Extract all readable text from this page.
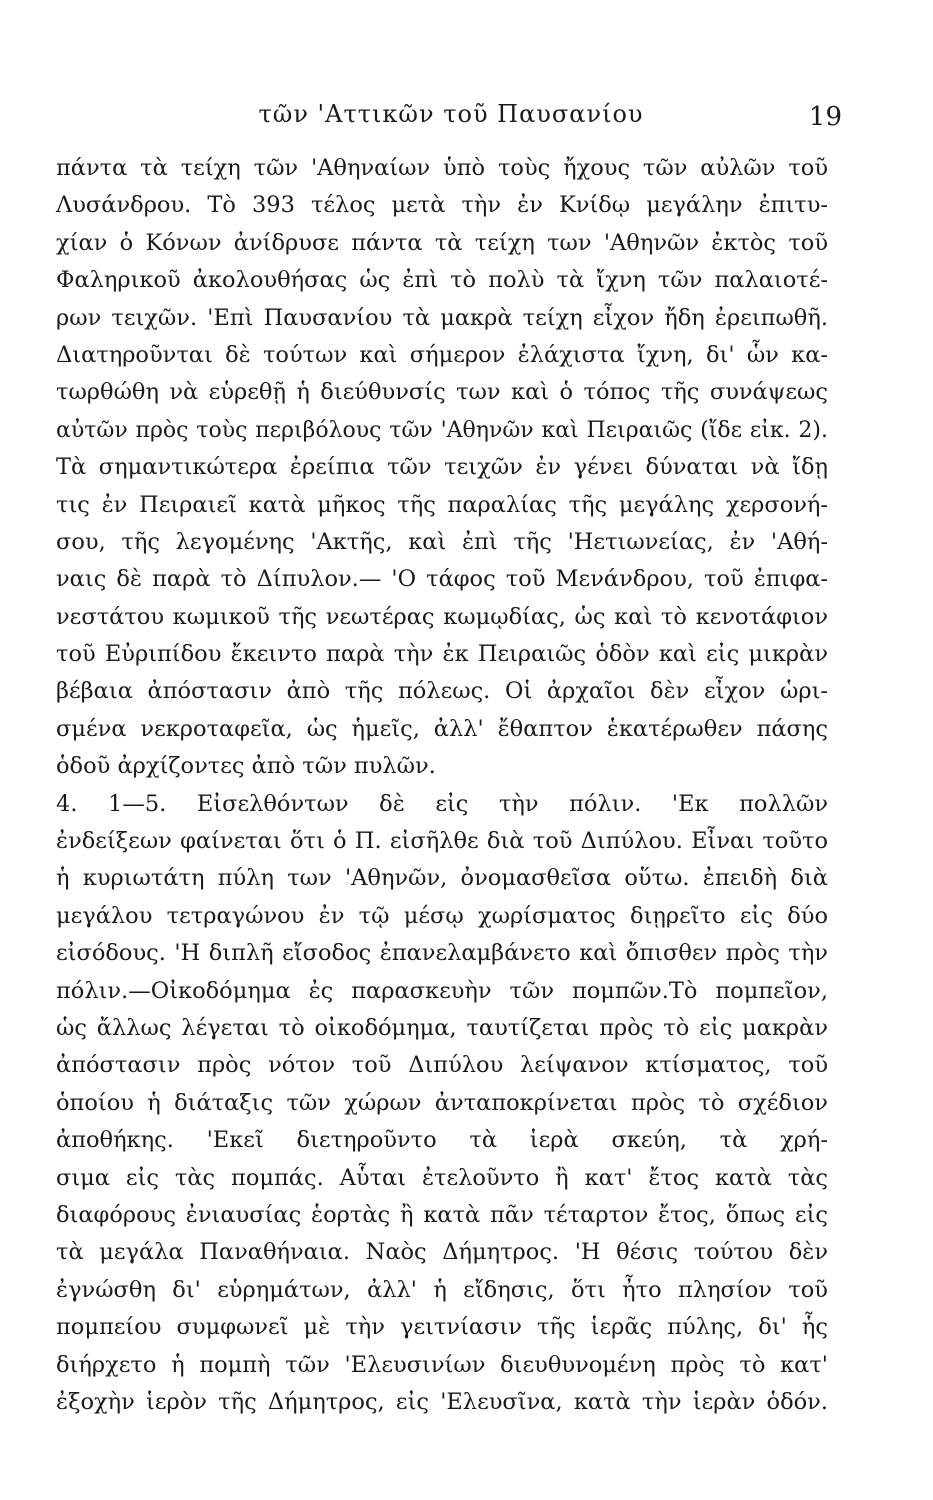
τῶν 'Αττικῶν τοῦ Παυσανίου	19
πάντα τὰ τείχη τῶν 'Αθηναίων ὑπὸ τοὺς ἤχους τῶν αὐλῶν τοῦ
Λυσάνδρου. Τὸ 393 τέλος μετὰ τὴν ἐν Κνίδῳ μεγάλην ἐπιτυ-
χίαν ὁ Κόνων ἀνίδρυσε πάντα τὰ τείχη των 'Αθηνῶν ἐκτὸς τοῦ
Φαληρικοῦ ἀκολουθήσας ὡς ἐπὶ τὸ πολὺ τὰ ἴχνη τῶν παλαιοτέ-
ρων τειχῶν. 'Επὶ Παυσανίου τὰ μακρὰ τείχη εἶχον ἤδη ἐρειπωθῆ.
Διατηροῦνται δὲ τούτων καὶ σήμερον ἐλάχιστα ἴχνη, δι' ὧν κα-
τωρθώθη νὰ εὑρεθῇ ἡ διεύθυνσίς των καὶ ὁ τόπος τῆς συνάψεως
αὐτῶν πρὸς τοὺς περιβόλους τῶν 'Αθηνῶν καὶ Πειραιῶς (ἴδε εἰκ. 2).
Τὰ σημαντικώτερα ἐρείπια τῶν τειχῶν ἐν γένει δύναται νὰ ἴδῃ
τις ἐν Πειραιεῖ κατὰ μῆκος τῆς παραλίας τῆς μεγάλης χερσονή-
σου, τῆς λεγομένης 'Ακτῆς, καὶ ἐπὶ τῆς 'Ηετιωνείας, ἐν 'Αθή-
ναις δὲ παρὰ τὸ Δίπυλον.— 'Ο τάφος τοῦ Μενάνδρου, τοῦ ἐπιφα-
νεστάτου κωμικοῦ τῆς νεωτέρας κωμῳδίας, ὡς καὶ τὸ κενοτάφιον
τοῦ Εὐριπίδου ἔκειντο παρὰ τὴν ἐκ Πειραιῶς ὁδὸν καὶ εἰς μικρὰν
βέβαια ἀπόστασιν ἀπὸ τῆς πόλεως. Οἱ ἀρχαῖοι δὲν εἶχον ὡρι-
σμένα νεκροταφεῖα, ὡς ἡμεῖς, ἀλλ' ἔθαπτον ἑκατέρωθεν πάσης
ὁδοῦ ἀρχίζοντες ἀπὸ τῶν πυλῶν.
4. 1—5. Εἰσελθόντων δὲ εἰς τὴν πόλιν. 'Εκ πολλῶν
ἐνδείξεων φαίνεται ὅτι ὁ Π. εἰσῆλθε διὰ τοῦ Διπύλου. Εἶναι τοῦτο
ἡ κυριωτάτη πύλη των 'Αθηνῶν, ὀνομασθεῖσα οὕτω. ἐπειδὴ διὰ
μεγάλου τετραγώνου ἐν τῷ μέσῳ χωρίσματος διῃρεῖτο εἰς δύο
εἰσόδους. 'Η διπλῆ εἴσοδος ἐπανελαμβάνετο καὶ ὄπισθεν πρὸς τὴν
πόλιν.—Οἰκοδόμημα ἐς παρασκευὴν τῶν πομπῶν.Τὸ πομπεῖον,
ὡς ἄλλως λέγεται τὸ οἰκοδόμημα, ταυτίζεται πρὸς τὸ εἰς μακρὰν
ἀπόστασιν πρὸς νότον τοῦ Διπύλου λείψανον κτίσματος, τοῦ
ὁποίου ἡ διάταξις τῶν χώρων ἀνταποκρίνεται πρὸς τὸ σχέδιον
ἀποθήκης. 'Εκεῖ διετηροῦντο τὰ ἱερὰ σκεύη, τὰ χρή-
σιμα εἰς τὰς πομπάς. Αὗται ἐτελοῦντο ἢ κατ' ἔτος κατὰ τὰς
διαφόρους ἐνιαυσίας ἑορτὰς ἢ κατὰ πᾶν τέταρτον ἔτος, ὅπως εἰς
τὰ μεγάλα Παναθήναια. Ναὸς Δήμητρος. 'Η θέσις τούτου δὲν
ἐγνώσθη δι' εὑρημάτων, ἀλλ' ἡ εἴδησις, ὅτι ἦτο πλησίον τοῦ
πομπείου συμφωνεῖ μὲ τὴν γειτνίασιν τῆς ἱερᾶς πύλης, δι' ἧς
διήρχετο ἡ πομπὴ τῶν 'Ελευσινίων διευθυνομένη πρὸς τὸ κατ'
ἐξοχὴν ἱερὸν τῆς Δήμητρος, εἰς 'Ελευσῖνα, κατὰ τὴν ἱερὰν ὁδόν.
